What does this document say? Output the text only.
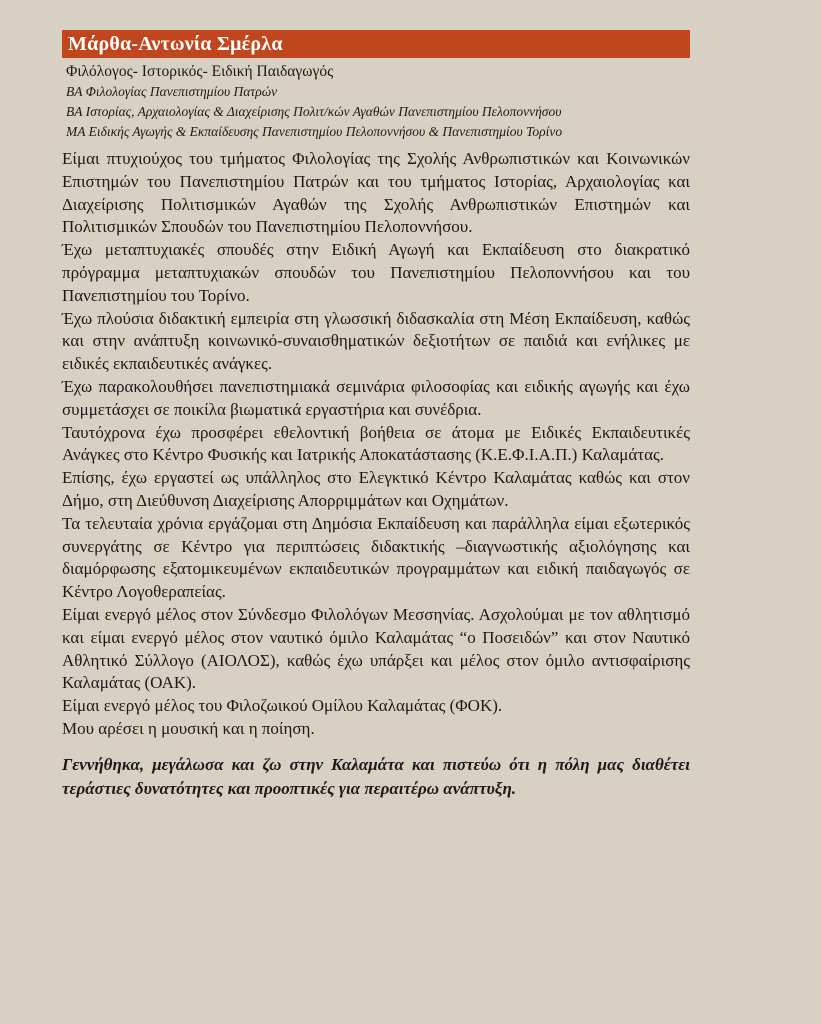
Μάρθα-Αντωνία Σμέρλα
Φιλόλογος- Ιστορικός- Ειδική Παιδαγωγός
ΒΑ Φιλολογίας Πανεπιστημίου Πατρών
ΒΑ Ιστορίας, Αρχαιολογίας & Διαχείρισης Πολιτ/κών Αγαθών Πανεπιστημίου Πελοποννήσου
ΜΑ Ειδικής Αγωγής & Εκπαίδευσης Πανεπιστημίου Πελοποννήσου & Πανεπιστημίου Τορίνο

Είμαι πτυχιούχος του τμήματος Φιλολογίας της Σχολής Ανθρωπιστικών και Κοινωνικών Επιστημών του Πανεπιστημίου Πατρών και του τμήματος Ιστορίας, Αρχαιολογίας και Διαχείρισης Πολιτισμικών Αγαθών της Σχολής Ανθρωπιστικών Επιστημών και Πολιτισμικών Σπουδών του Πανεπιστημίου Πελοποννήσου.

Έχω μεταπτυχιακές σπουδές στην Ειδική Αγωγή και Εκπαίδευση στο διακρατικό πρόγραμμα μεταπτυχιακών σπουδών του Πανεπιστημίου Πελοποννήσου και του Πανεπιστημίου του Τορίνο.

Έχω πλούσια διδακτική εμπειρία στη γλωσσική διδασκαλία στη Μέση Εκπαίδευση, καθώς και στην ανάπτυξη κοινωνικό-συναισθηματικών δεξιοτήτων σε παιδιά και ενήλικες με ειδικές εκπαιδευτικές ανάγκες.

Έχω παρακολουθήσει πανεπιστημιακά σεμινάρια φιλοσοφίας και ειδικής αγωγής και έχω συμμετάσχει σε ποικίλα βιωματικά εργαστήρια και συνέδρια.

Ταυτόχρονα έχω προσφέρει εθελοντική βοήθεια σε άτομα με Ειδικές Εκπαιδευτικές Ανάγκες στο Κέντρο Φυσικής και Ιατρικής Αποκατάστασης (Κ.Ε.Φ.Ι.Α.Π.) Καλαμάτας.

Επίσης, έχω εργαστεί ως υπάλληλος στο Ελεγκτικό Κέντρο Καλαμάτας καθώς και στον Δήμο, στη Διεύθυνση Διαχείρισης Απορριμμάτων και Οχημάτων.

Τα τελευταία χρόνια εργάζομαι στη Δημόσια Εκπαίδευση και παράλληλα είμαι εξωτερικός συνεργάτης σε Κέντρο για περιπτώσεις διδακτικής –διαγνωστικής αξιολόγησης και διαμόρφωσης εξατομικευμένων εκπαιδευτικών προγραμμάτων και ειδική παιδαγωγός σε Κέντρο Λογοθεραπείας.

Είμαι ενεργό μέλος στον Σύνδεσμο Φιλολόγων Μεσσηνίας. Ασχολούμαι με τον αθλητισμό και είμαι ενεργό μέλος στον ναυτικό όμιλο Καλαμάτας “ο Ποσειδών” και στον Ναυτικό Αθλητικό Σύλλογο (ΑΙΟΛΟΣ), καθώς έχω υπάρξει και μέλος στον όμιλο αντισφαίρισης Καλαμάτας (ΟΑΚ).

Είμαι ενεργό μέλος του Φιλοζωικού Ομίλου Καλαμάτας (ΦΟΚ).

Μου αρέσει η μουσική και η ποίηση.

Γεννήθηκα, μεγάλωσα και ζω στην Καλαμάτα και πιστεύω ότι η πόλη μας διαθέτει τεράστιες δυνατότητες και προοπτικές για περαιτέρω ανάπτυξη.
